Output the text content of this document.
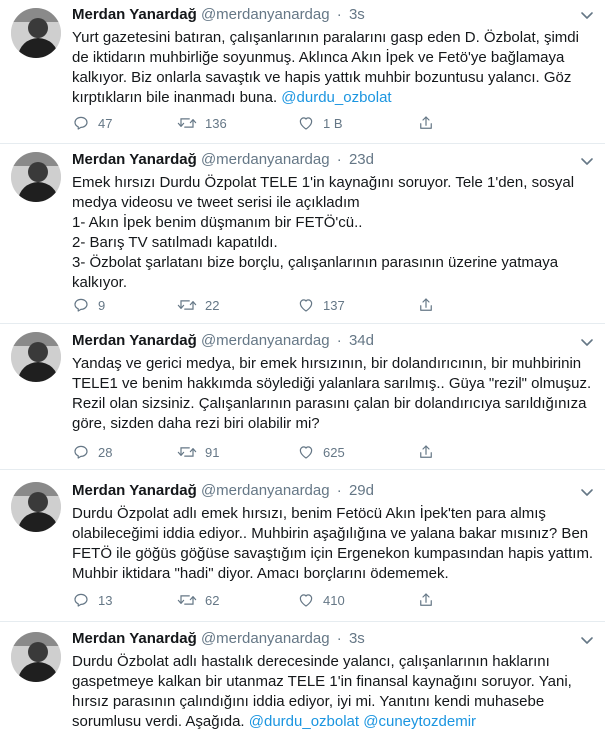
Merdan Yanardağ @merdanyanardag · 3s

Yurt gazetesini batıran, çalışanlarının paralarını gasp eden D. Özbolat, şimdi
de iktidarın muhbirliğe soyunmuş. Aklınca Akın İpek ve Fetö'ye bağlamaya
kalkıyor. Biz onlarla savaştık ve hapis yattık muhbir bozuntusu yalancı. Göz
kırptıkların bile inanmadı buna. @durdu_ozbolat

47	136	1 B
Merdan Yanardağ @merdanyanardag · 23d

Emek hırsızı Durdu Özpolat TELE 1'in kaynağını soruyor. Tele 1'den, sosyal
medya videosu ve tweet serisi ile açıkladım
1- Akın İpek benim düşmanım bir FETÖ'cü..
2- Barış TV satılmadı kapatıldı.
3- Özbolat şarlatanı bize borçlu, çalışanlarının parasının üzerine yatmaya
kalkıyor.

9	22	137
Merdan Yanardağ @merdanyanardag · 34d

Yandaş ve gerici medya, bir emek hırsızının, bir dolandırıcının, bir muhbirinin
TELE1 ve benim hakkımda söylediği yalanlara sarılmış.. Güya "rezil" olmuşuz.
Rezil olan sizsiniz. Çalışanlarının parasını çalan bir dolandırıcıya sarıldığınıza
göre, sizden daha rezi biri olabilir mi?

28	91	625
Merdan Yanardağ @merdanyanardag · 29d

Durdu Özpolat adlı emek hırsızı, benim Fetöcü Akın İpek'ten para almış
olabileceğimi iddia ediyor.. Muhbirin aşağılığına ve yalana bakar mısınız? Ben
FETÖ ile göğüs göğüse savaştığım için Ergenekon kumpasından hapis yattım.
Muhbir iktidara "hadi" diyor. Amacı borçlarını ödememek.

13	62	410
Merdan Yanardağ @merdanyanardag · 3s

Durdu Özbolat adlı hastalık derecesinde yalancı, çalışanlarının haklarını
gaspetmeye kalkan bir utanmaz TELE 1'in finansal kaynağını soruyor. Yani,
hırsız parasının çalındığını iddia ediyor, iyi mi. Yanıtını kendi muhasebe
sorumlusu verdi. Aşağıda. @durdu_ozbolat @cuneytozdemir
